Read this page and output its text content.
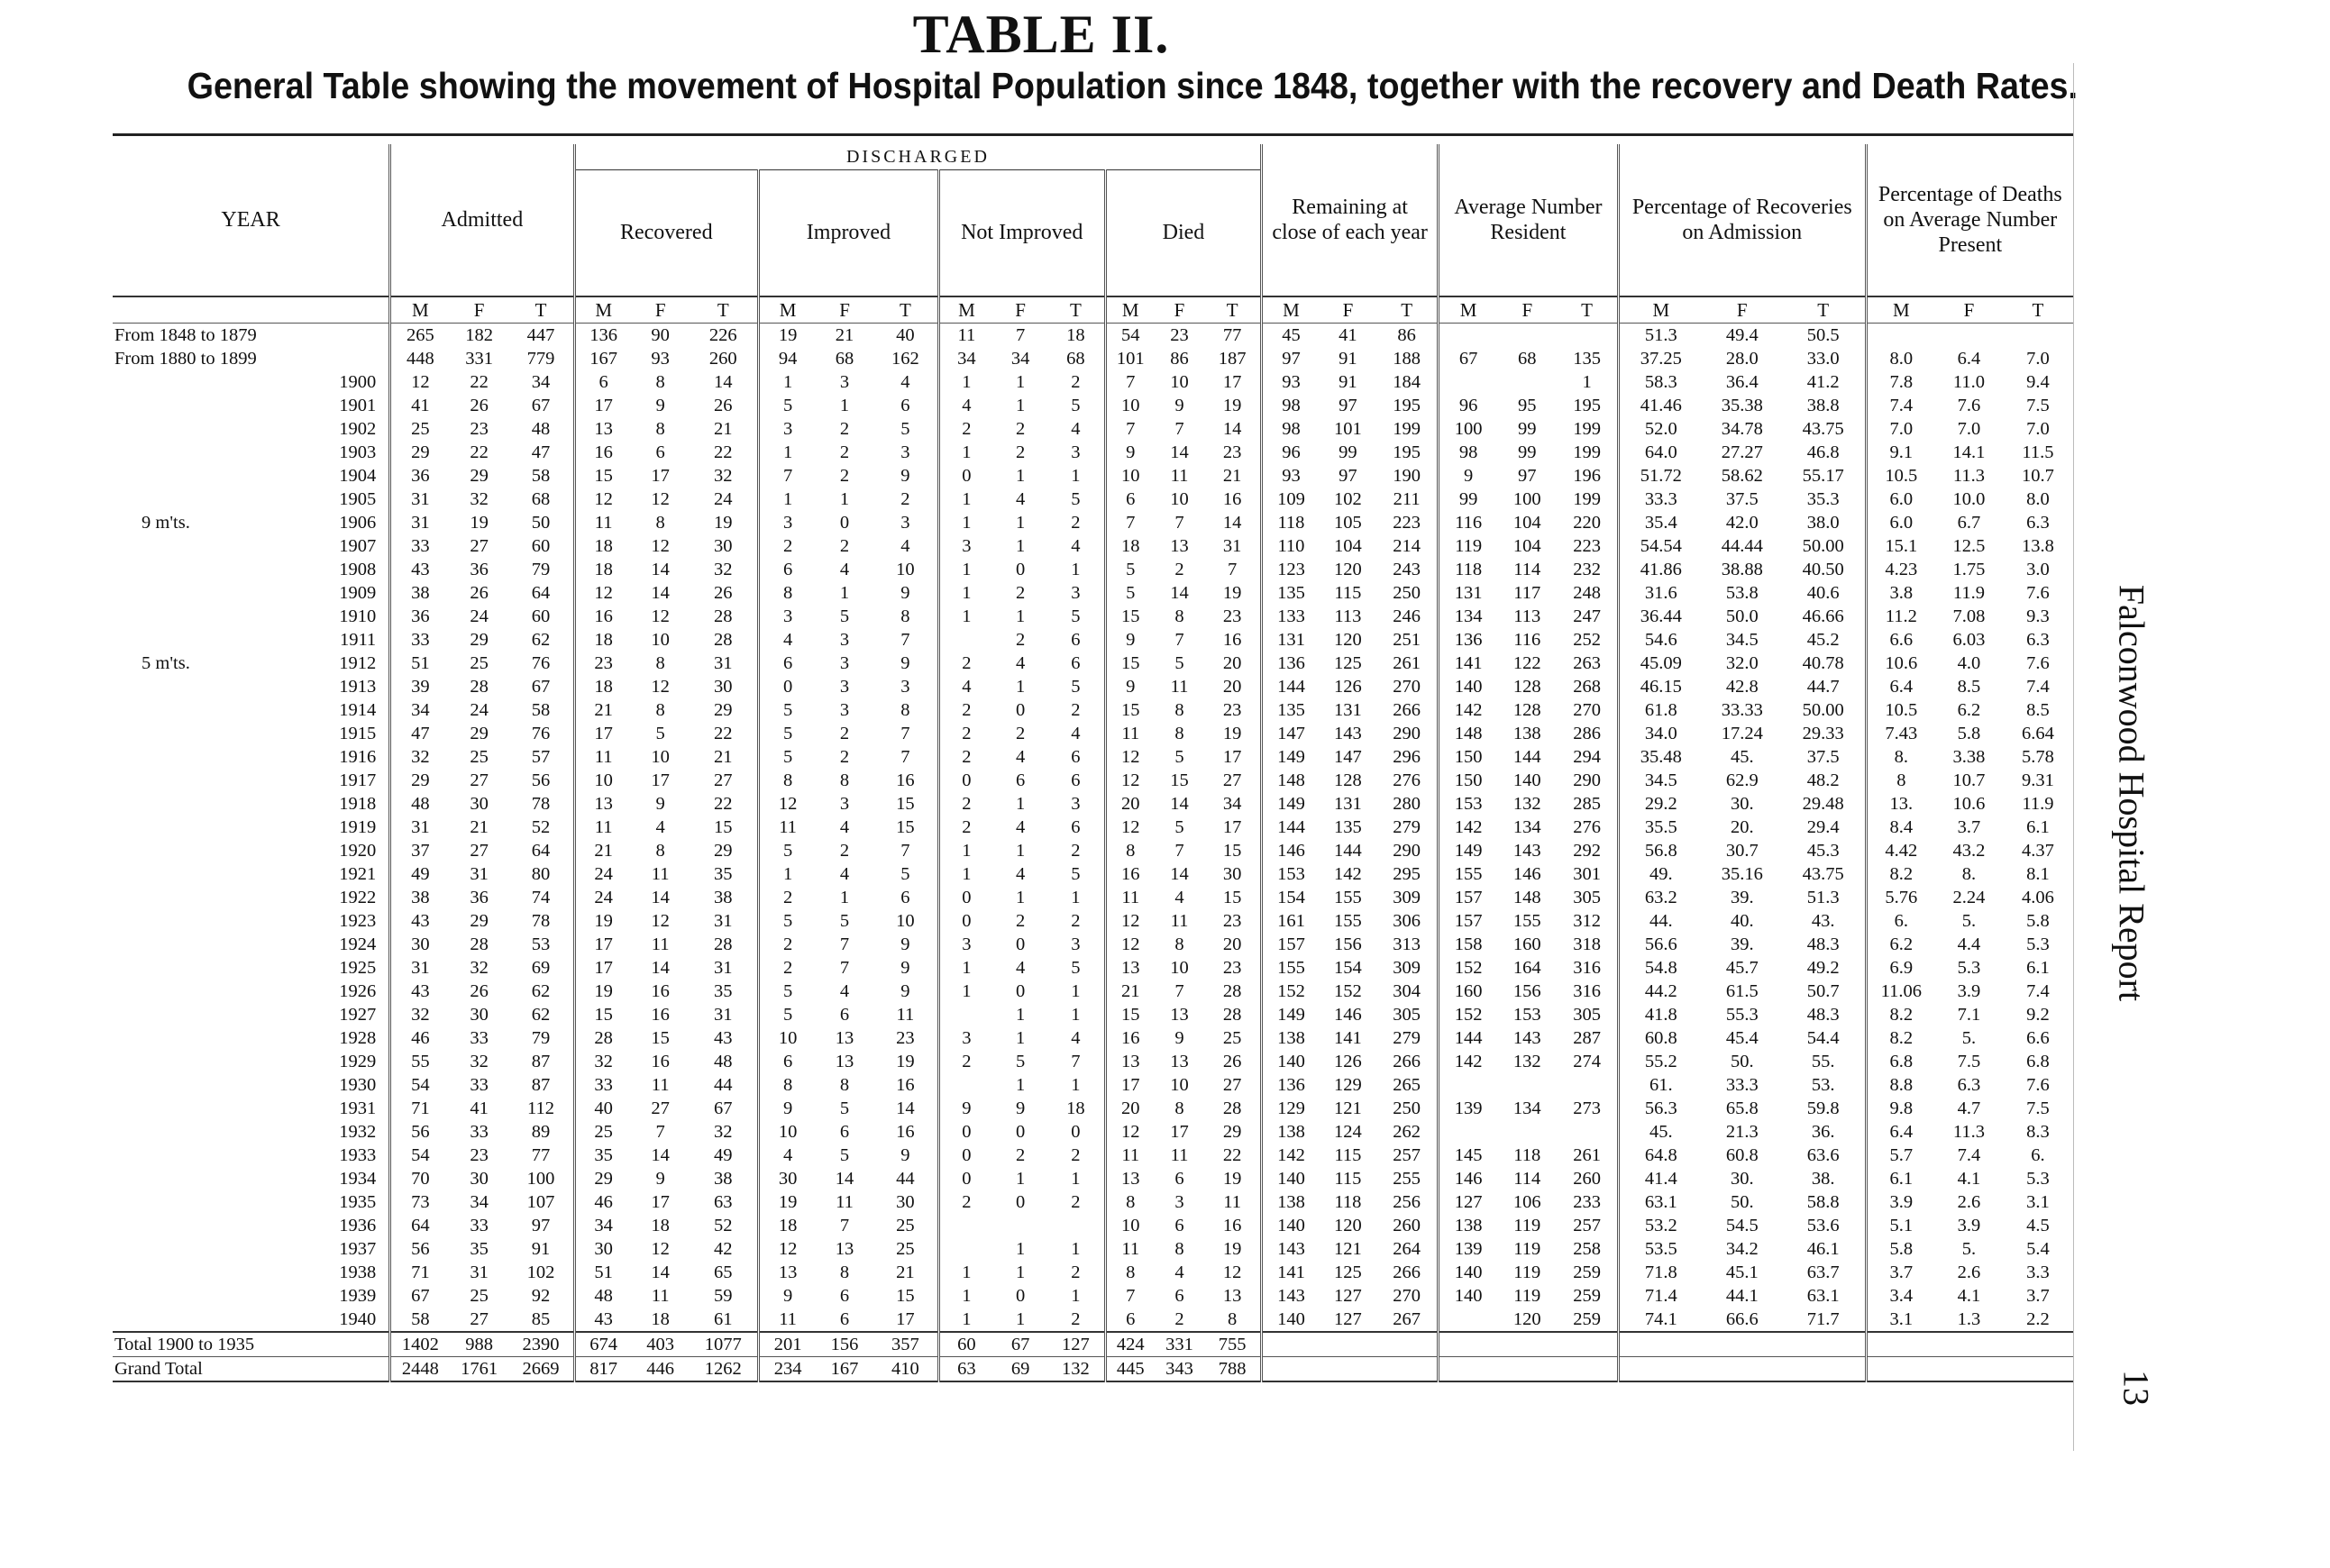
TABLE II.
General Table showing the movement of Hospital Population since 1848, together with the recovery and Death Rates.
YEAR	Admitted			DISCHARGED												Remaining at close of each year			Average Number Resident			Percentage of Recoveries on Admission			Percentage of Deaths on Average Number Present		
				Recovered			Improved			Not Improved			Died														
	M	F	T	M	F	T	M	F	T	M	F	T	M	F	T	M	F	T	M	F	T	M	F	T	M	F	T
From 1848 to 1879	265	182	447	136	90	226	19	21	40	11	7	18	54	23	77	45	41	86				51.3	49.4	50.5			
From 1880 to 1899	448	331	779	167	93	260	94	68	162	34	34	68	101	86	187	97	91	188	67	68	135	37.25	28.0	33.0	8.0	6.4	7.0

1900	12	22	34	6	8	14	1	3	4	1	1	2	7	10	17	93	91	184			1	58.3	36.4	41.2	7.8	11.0	9.4

1901	41	26	67	17	9	26	5	1	6	4	1	5	10	9	19	98	97	195	96	95	195	41.46	35.38	38.8	7.4	7.6	7.5

1902	25	23	48	13	8	21	3	2	5	2	2	4	7	7	14	98	101	199	100	99	199	52.0	34.78	43.75	7.0	7.0	7.0

1903	29	22	47	16	6	22	1	2	3	1	2	3	9	14	23	96	99	195	98	99	199	64.0	27.27	46.8	9.1	14.1	11.5

1904	36	29	58	15	17	32	7	2	9	0	1	1	10	11	21	93	97	190	9	97	196	51.72	58.62	55.17	10.5	11.3	10.7

1905	31	32	68	12	12	24	1	1	2	1	4	5	6	10	16	109	102	211	99	100	199	33.3	37.5	35.3	6.0	10.0	8.0

9 m'ts. 1906	31	19	50	11	8	19	3	0	3	1	1	2	7	7	14	118	105	223	116	104	220	35.4	42.0	38.0	6.0	6.7	6.3

1907	33	27	60	18	12	30	2	2	4	3	1	4	18	13	31	110	104	214	119	104	223	54.54	44.44	50.00	15.1	12.5	13.8

1908	43	36	79	18	14	32	6	4	10	1	0	1	5	2	7	123	120	243	118	114	232	41.86	38.88	40.50	4.23	1.75	3.0

1909	38	26	64	12	14	26	8	1	9	1	2	3	5	14	19	135	115	250	131	117	248	31.6	53.8	40.6	3.8	11.9	7.6

1910	36	24	60	16	12	28	3	5	8	1	1	5	15	8	23	133	113	246	134	113	247	36.44	50.0	46.66	11.2	7.08	9.3

1911	33	29	62	18	10	28	4	3	7		2	6	9	7	16	131	120	251	136	116	252	54.6	34.5	45.2	6.6	6.03	6.3

5 m'ts. 1912	51	25	76	23	8	31	6	3	9	2	4	6	15	5	20	136	125	261	141	122	263	45.09	32.0	40.78	10.6	4.0	7.6

1913	39	28	67	18	12	30	0	3	3	4	1	5	9	11	20	144	126	270	140	128	268	46.15	42.8	44.7	6.4	8.5	7.4

1914	34	24	58	21	8	29	5	3	8	2	0	2	15	8	23	135	131	266	142	128	270	61.8	33.33	50.00	10.5	6.2	8.5

1915	47	29	76	17	5	22	5	2	7	2	2	4	11	8	19	147	143	290	148	138	286	34.0	17.24	29.33	7.43	5.8	6.64

1916	32	25	57	11	10	21	5	2	7	2	4	6	12	5	17	149	147	296	150	144	294	35.48	45.	37.5	8.	3.38	5.78

1917	29	27	56	10	17	27	8	8	16	0	6	6	12	15	27	148	128	276	150	140	290	34.5	62.9	48.2	8	10.7	9.31

1918	48	30	78	13	9	22	12	3	15	2	1	3	20	14	34	149	131	280	153	132	285	29.2	30.	29.48	13.	10.6	11.9

1919	31	21	52	11	4	15	11	4	15	2	4	6	12	5	17	144	135	279	142	134	276	35.5	20.	29.4	8.4	3.7	6.1

1920	37	27	64	21	8	29	5	2	7	1	1	2	8	7	15	146	144	290	149	143	292	56.8	30.7	45.3	4.42	43.2	4.37

1921	49	31	80	24	11	35	1	4	5	1	4	5	16	14	30	153	142	295	155	146	301	49.	35.16	43.75	8.2	8.	8.1

1922	38	36	74	24	14	38	2	1	6	0	1	1	11	4	15	154	155	309	157	148	305	63.2	39.	51.3	5.76	2.24	4.06

1923	43	29	78	19	12	31	5	5	10	0	2	2	12	11	23	161	155	306	157	155	312	44.	40.	43.	6.	5.	5.8

1924	30	28	53	17	11	28	2	7	9	3	0	3	12	8	20	157	156	313	158	160	318	56.6	39.	48.3	6.2	4.4	5.3

1925	31	32	69	17	14	31	2	7	9	1	4	5	13	10	23	155	154	309	152	164	316	54.8	45.7	49.2	6.9	5.3	6.1

1926	43	26	62	19	16	35	5	4	9	1	0	1	21	7	28	152	152	304	160	156	316	44.2	61.5	50.7	11.06	3.9	7.4

1927	32	30	62	15	16	31	5	6	11		1	1	15	13	28	149	146	305	152	153	305	41.8	55.3	48.3	8.2	7.1	9.2

1928	46	33	79	28	15	43	10	13	23	3	1	4	16	9	25	138	141	279	144	143	287	60.8	45.4	54.4	8.2	5.	6.6

1929	55	32	87	32	16	48	6	13	19	2	5	7	13	13	26	140	126	266	142	132	274	55.2	50.	55.	6.8	7.5	6.8

1930	54	33	87	33	11	44	8	8	16		1	1	17	10	27	136	129	265				61.	33.3	53.	8.8	6.3	7.6

1931	71	41	112	40	27	67	9	5	14	9	9	18	20	8	28	129	121	250	139	134	273	56.3	65.8	59.8	9.8	4.7	7.5

1932	56	33	89	25	7	32	10	6	16	0	0	0	12	17	29	138	124	262				45.	21.3	36.	6.4	11.3	8.3

1933	54	23	77	35	14	49	4	5	9	0	2	2	11	11	22	142	115	257	145	118	261	64.8	60.8	63.6	5.7	7.4	6.

1934	70	30	100	29	9	38	30	14	44	0	1	1	13	6	19	140	115	255	146	114	260	41.4	30.	38.	6.1	4.1	5.3

1935	73	34	107	46	17	63	19	11	30	2	0	2	8	3	11	138	118	256	127	106	233	63.1	50.	58.8	3.9	2.6	3.1

1936	64	33	97	34	18	52	18	7	25				10	6	16	140	120	260	138	119	257	53.2	54.5	53.6	5.1	3.9	4.5

1937	56	35	91	30	12	42	12	13	25		1	1	11	8	19	143	121	264	139	119	258	53.5	34.2	46.1	5.8	5.	5.4

1938	71	31	102	51	14	65	13	8	21	1	1	2	8	4	12	141	125	266	140	119	259	71.8	45.1	63.7	3.7	2.6	3.3

1939	67	25	92	48	11	59	9	6	15	1	0	1	7	6	13	143	127	270	140	119	259	71.4	44.1	63.1	3.4	4.1	3.7

1940	58	27	85	43	18	61	11	6	17	1	1	2	6	2	8	140	127	267		120	259	74.1	66.6	71.7	3.1	1.3	2.2
Total 1900 to 1935	1402	988	2390	674	403	1077	201	156	357	60	67	127	424	331	755												
Grand Total	2448	1761	2669	817	446	1262	234	167	410	63	69	132	445	343	788												
Falconwood Hospital Report
13
